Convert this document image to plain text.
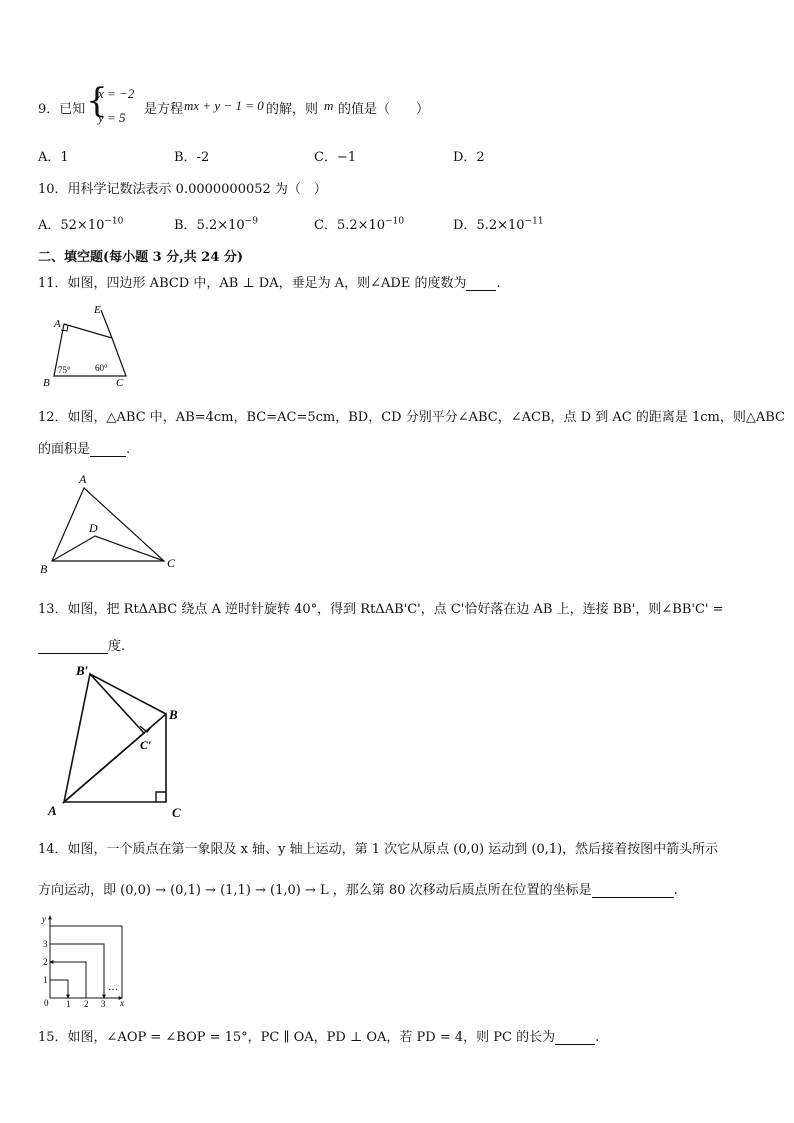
9．已知 {
x = −2
y = 5
是方程 mx + y − 1 = 0 的解，则 m 的值是（　　）
A．1	B．-2	C．−1	D．2
10．用科学记数法表示 0.0000000052 为（　）
A．$52\times 10^{-10}$	B．$5.2\times 10^{-9}$	C．$5.2\times 10^{-10}$	D．$5.2\times 10^{-11}$
二、填空题(每小题 3 分,共 24 分)
11．如图，四边形 ABCD 中，AB ⊥ DA，垂足为 A，则∠ADE 的度数为 .
A
E
B	C
75°	60°
12．如图，△ABC 中，AB=4cm，BC=AC=5cm，BD，CD 分别平分∠ABC，∠ACB，点 D 到 AC 的距离是 1cm，则△ABC
的面积是	.
A
D
B	C
13．如图，把 RtΔABC 绕点 A 逆时针旋转 40°，得到 RtΔAB'C'，点 C'恰好落在边 AB 上，连接 BB'，则∠BB'C' =
度.
B′
B
C′
A	C
14．如图，一个质点在第一象限及 x 轴、y 轴上运动，第 1 次它从原点 (0,0) 运动到 (0,1)，然后接着按图中箭头所示
方向运动，即 (0,0) → (0,1) → (1,1) → (1,0) → L ，那么第 80 次移动后质点所在位置的坐标是	.
y
x
0 1 2 3
1
2
3
…
15．如图，∠AOP = ∠BOP = 15°，PC ∥ OA，PD ⊥ OA，若 PD = 4，则 PC 的长为	.
